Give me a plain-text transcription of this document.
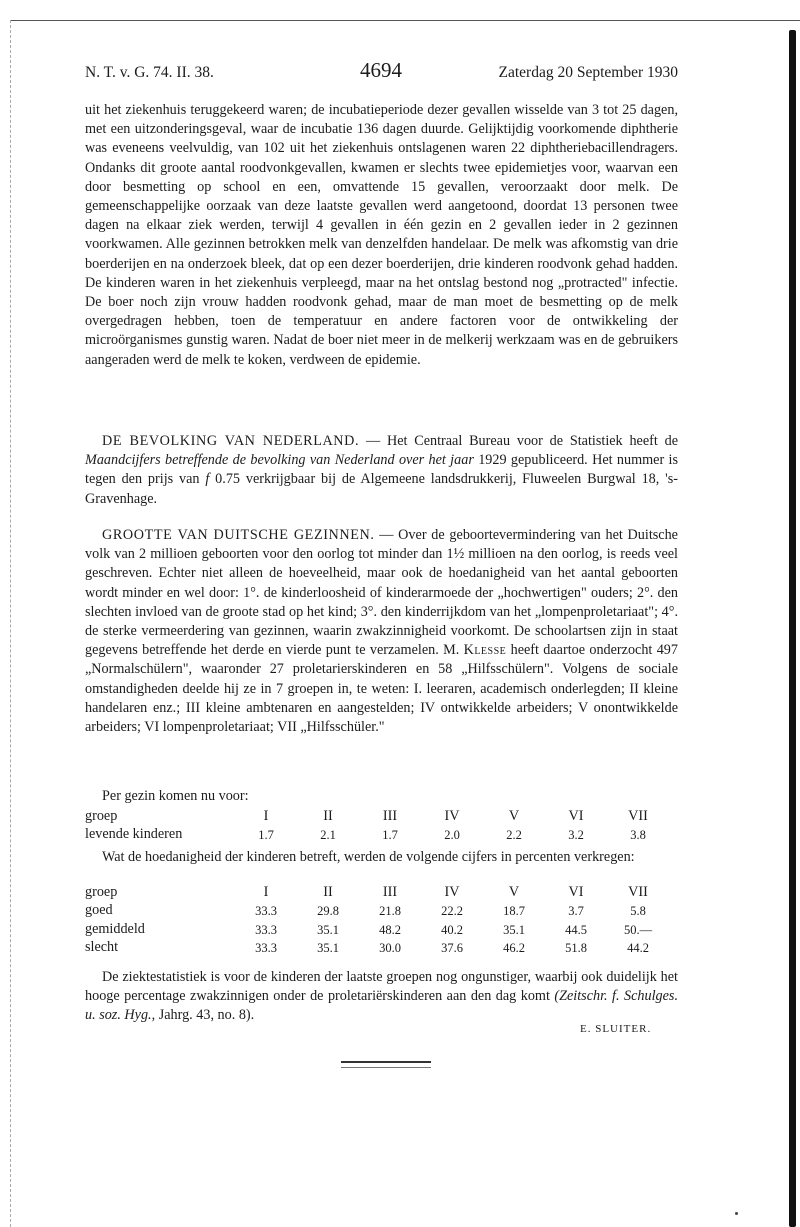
N. T. v. G. 74. II. 38.	4694	Zaterdag 20 September 1930
uit het ziekenhuis teruggekeerd waren; de incubatieperiode dezer gevallen wisselde van 3 tot 25 dagen, met een uitzonderingsgeval, waar de incubatie 136 dagen duurde. Gelijktijdig voorkomende diphtherie was eveneens veelvuldig, van 102 uit het ziekenhuis ontslagenen waren 22 diphtheriebacillendragers. Ondanks dit groote aantal roodvonkgevallen, kwamen er slechts twee epidemietjes voor, waarvan een door besmetting op school en een, omvattende 15 gevallen, veroorzaakt door melk. De gemeenschappelijke oorzaak van deze laatste gevallen werd aangetoond, doordat 13 personen twee dagen na elkaar ziek werden, terwijl 4 gevallen in één gezin en 2 gevallen ieder in 2 gezinnen voorkwamen. Alle gezinnen betrokken melk van denzelfden handelaar. De melk was afkomstig van drie boerderijen en na onderzoek bleek, dat op een dezer boerderijen, drie kinderen roodvonk gehad hadden. De kinderen waren in het ziekenhuis verpleegd, maar na het ontslag bestond nog „protracted" infectie. De boer noch zijn vrouw hadden roodvonk gehad, maar de man moet de besmetting op de melk overgedragen hebben, toen de temperatuur en andere factoren voor de ontwikkeling der microörganismes gunstig waren. Nadat de boer niet meer in de melkerij werkzaam was en de gebruikers aangeraden werd de melk te koken, verdween de epidemie.
DE BEVOLKING VAN NEDERLAND. — Het Centraal Bureau voor de Statistiek heeft de Maandcijfers betreffende de bevolking van Nederland over het jaar 1929 gepubliceerd. Het nummer is tegen den prijs van f 0.75 verkrijgbaar bij de Algemeene landsdrukkerij, Fluweelen Burgwal 18, 's-Gravenhage.
GROOTTE VAN DUITSCHE GEZINNEN. — Over de geboortevermindering van het Duitsche volk van 2 millioen geboorten voor den oorlog tot minder dan 1½ millioen na den oorlog, is reeds veel geschreven. Echter niet alleen de hoeveelheid, maar ook de hoedanigheid van het aantal geboorten wordt minder en wel door: 1°. de kinderloosheid of kinderarmoede der „hochwertigen" ouders; 2°. den slechten invloed van de groote stad op het kind; 3°. den kinderrijkdom van het „lompenproletariaat"; 4°. de sterke vermeerdering van gezinnen, waarin zwakzinnigheid voorkomt. De schoolartsen zijn in staat gegevens betreffende het derde en vierde punt te verzamelen. M. Klesse heeft daartoe onderzocht 497 „Normalschülern", waaronder 27 proletarierskinderen en 58 „Hilfsschülern". Volgens de sociale omstandigheden deelde hij ze in 7 groepen in, te weten: I. leeraren, academisch onderlegden; II kleine handelaren enz.; III kleine ambtenaren en aangestelden; IV ontwikkelde arbeiders; V onontwikkelde arbeiders; VI lompenproletariaat; VII „Hilfsschüler."
Per gezin komen nu voor:
groep	I	II	III	IV	V	VI	VII
levende kinderen	1.7	2.1	1.7	2.0	2.2	3.2	3.8
Wat de hoedanigheid der kinderen betreft, werden de volgende cijfers in percenten verkregen:
groep	I	II	III	IV	V	VI	VII
goed	33.3	29.8	21.8	22.2	18.7	3.7	5.8
gemiddeld	33.3	35.1	48.2	40.2	35.1	44.5	50.—
slecht	33.3	35.1	30.0	37.6	46.2	51.8	44.2
De ziektestatistiek is voor de kinderen der laatste groepen nog ongunstiger, waarbij ook duidelijk het hooge percentage zwakzinnigen onder de proletariërskinderen aan den dag komt (Zeitschr. f. Schulges. u. soz. Hyg., Jahrg. 43, no. 8).
E. SLUITER.
